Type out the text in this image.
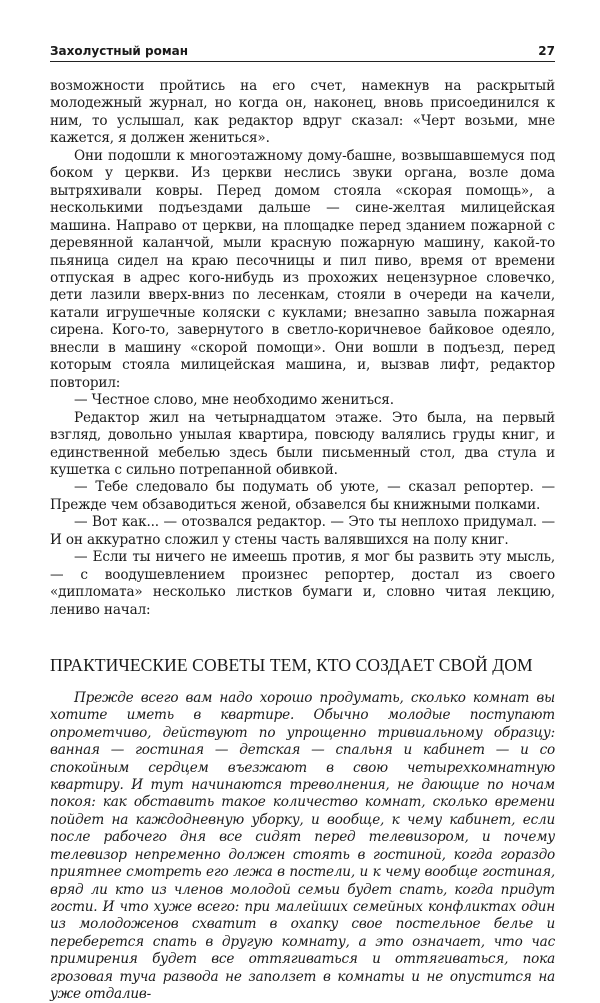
Захолустный роман	27

возможности пройтись на его счет, намекнув на раскрытый молодежный журнал, но когда он, наконец, вновь присоединился к ним, то услышал, как редактор вдруг сказал: «Черт возьми, мне кажется, я должен жениться».

Они подошли к многоэтажному дому-башне, возвышавшемуся под боком у церкви. Из церкви неслись звуки органа, возле дома вытряхивали ковры. Перед домом стояла «скорая помощь», а несколькими подъездами дальше — сине-желтая милицейская машина. Направо от церкви, на площадке перед зданием пожарной с деревянной каланчой, мыли красную пожарную машину, какой-то пьяница сидел на краю песочницы и пил пиво, время от времени отпуская в адрес кого-нибудь из прохожих нецензурное словечко, дети лазили вверх-вниз по лесенкам, стояли в очереди на качели, катали игрушечные коляски с куклами; внезапно завыла пожарная сирена. Кого-то, завернутого в светло-коричневое байковое одеяло, внесли в машину «скорой помощи». Они вошли в подъезд, перед которым стояла милицейская машина, и, вызвав лифт, редактор повторил:

— Честное слово, мне необходимо жениться.

Редактор жил на четырнадцатом этаже. Это была, на первый взгляд, довольно унылая квартира, повсюду валялись груды книг, и единственной мебелью здесь были письменный стол, два стула и кушетка с сильно потрепанной обивкой.

— Тебе следовало бы подумать об уюте, — сказал репортер. — Прежде чем обзаводиться женой, обзавелся бы книжными полками.

— Вот как... — отозвался редактор. — Это ты неплохо придумал. — И он аккуратно сложил у стены часть валявшихся на полу книг.

— Если ты ничего не имеешь против, я мог бы развить эту мысль, — с воодушевлением произнес репортер, достал из своего «дипломата» несколько листков бумаги и, словно читая лекцию, лениво начал:

ПРАКТИЧЕСКИЕ СОВЕТЫ ТЕМ, КТО СОЗДАЕТ СВОЙ ДОМ

Прежде всего вам надо хорошо продумать, сколько комнат вы хотите иметь в квартире. Обычно молодые поступают опрометчиво, действуют по упрощенно тривиальному образцу: ванная — гостиная — детская — спальня и кабинет — и со спокойным сердцем въезжают в свою четырехкомнатную квартиру. И тут начинаются треволнения, не дающие по ночам покоя: как обставить такое количество комнат, сколько времени пойдет на каждодневную уборку, и вообще, к чему кабинет, если после рабочего дня все сидят перед телевизором, и почему телевизор непременно должен стоять в гостиной, когда гораздо приятнее смотреть его лежа в постели, и к чему вообще гостиная, вряд ли кто из членов молодой семьи будет спать, когда придут гости. И что хуже всего: при малейших семейных конфликтах один из молодоженов схватит в охапку свое постельное белье и переберется спать в другую комнату, а это означает, что час примирения будет все оттягиваться и оттягиваться, пока грозовая туча развода не заползет в комнаты и не опустится на уже отдалив-
